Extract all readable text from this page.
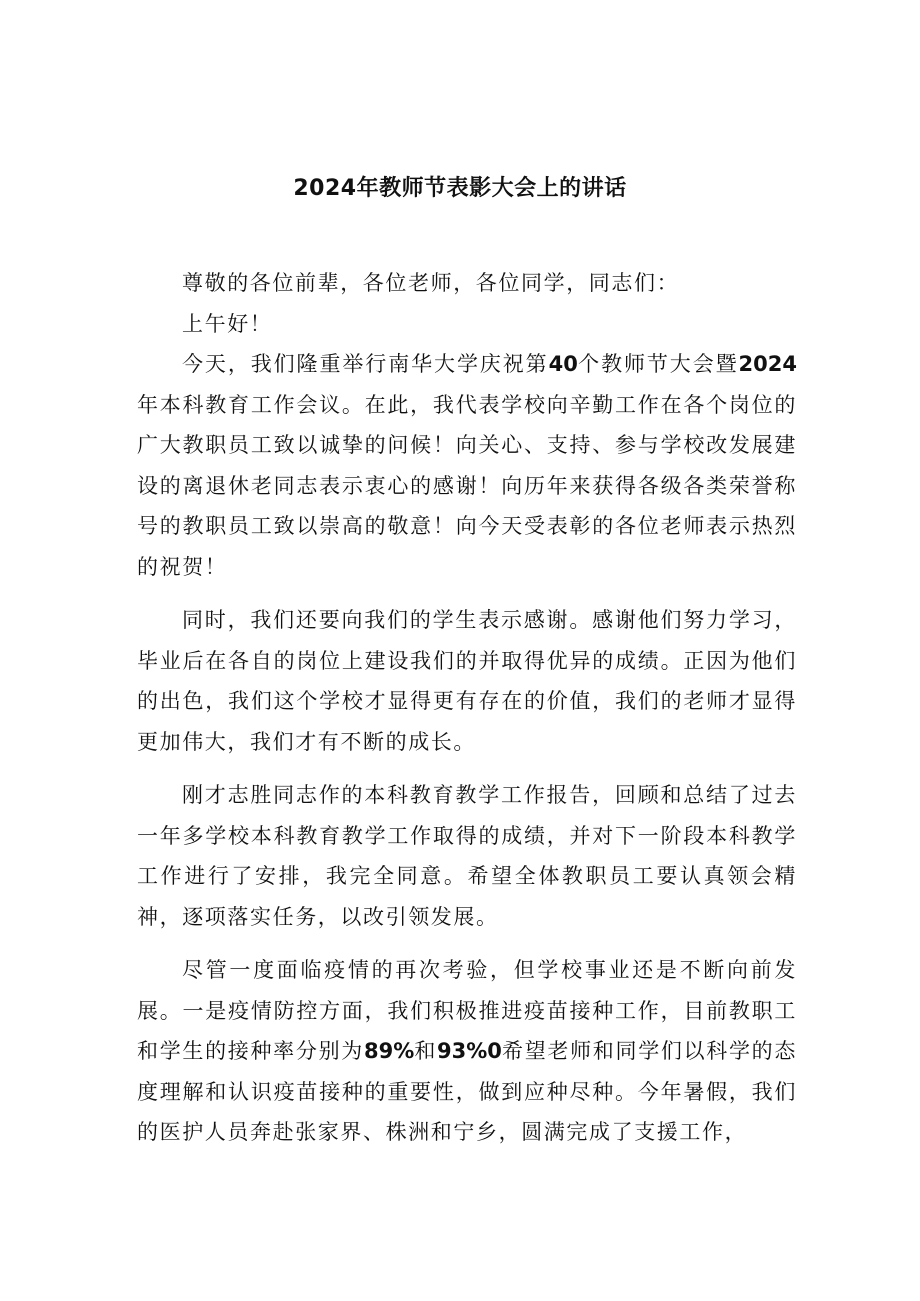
2024年教师节表影大会上的讲话

尊敬的各位前辈，各位老师，各位同学，同志们：

上午好！

今天，我们隆重举行南华大学庆祝第40个教师节大会暨2024年本科教育工作会议。在此，我代表学校向辛勤工作在各个岗位的广大教职员工致以诚挚的问候！向关心、支持、参与学校改发展建设的离退休老同志表示衷心的感谢！向历年来获得各级各类荣誉称号的教职员工致以崇高的敬意！向今天受表彰的各位老师表示热烈的祝贺！

同时，我们还要向我们的学生表示感谢。感谢他们努力学习，毕业后在各自的岗位上建设我们的并取得优异的成绩。正因为他们的出色，我们这个学校才显得更有存在的价值，我们的老师才显得更加伟大，我们才有不断的成长。

刚才志胜同志作的本科教育教学工作报告，回顾和总结了过去一年多学校本科教育教学工作取得的成绩，并对下一阶段本科教学工作进行了安排，我完全同意。希望全体教职员工要认真领会精神，逐项落实任务，以改引领发展。

尽管一度面临疫情的再次考验，但学校事业还是不断向前发展。一是疫情防控方面，我们积极推进疫苗接种工作，目前教职工和学生的接种率分别为89%和93%0希望老师和同学们以科学的态度理解和认识疫苗接种的重要性，做到应种尽种。今年暑假，我们的医护人员奔赴张家界、株洲和宁乡，圆满完成了支援工作，
